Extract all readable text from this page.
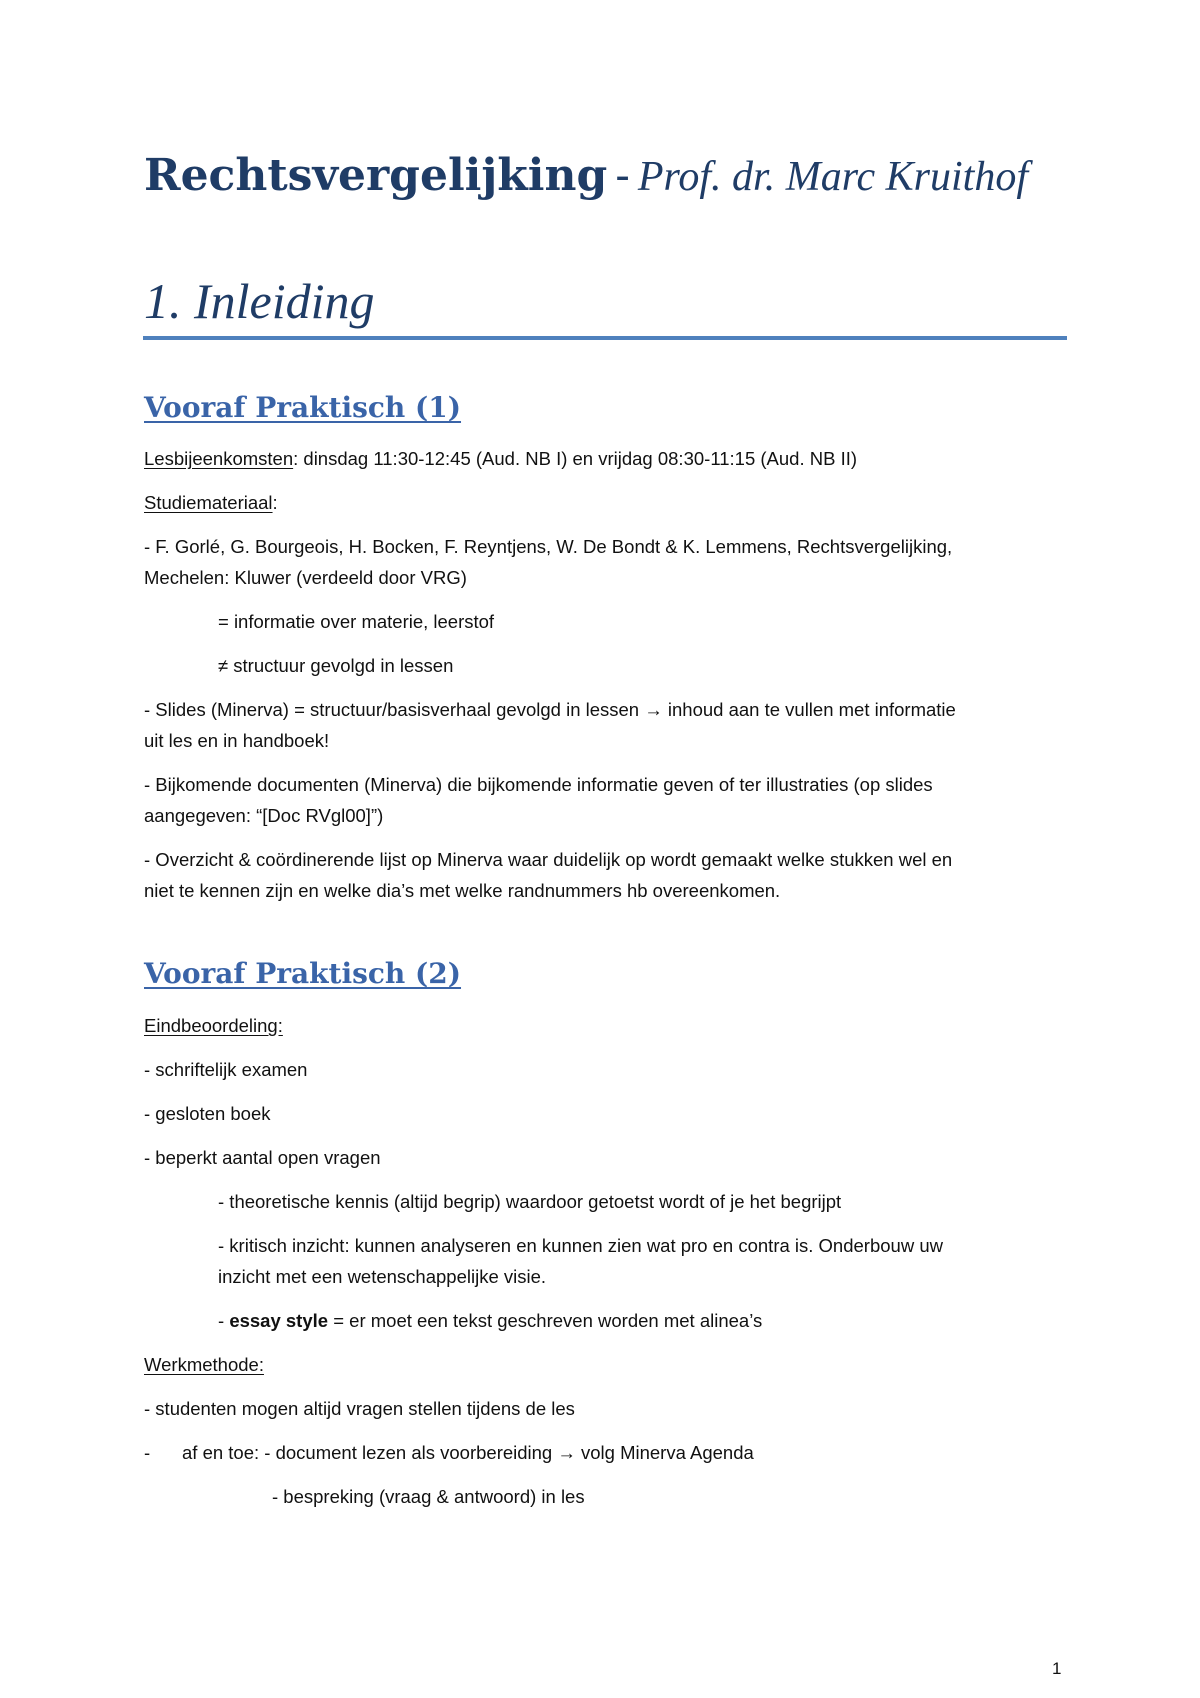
Rechtsvergelijking - Prof. dr. Marc Kruithof
1. Inleiding
Vooraf Praktisch (1)

Lesbijeenkomsten: dinsdag 11:30-12:45 (Aud. NB I) en vrijdag 08:30-11:15 (Aud. NB II)

Studiemateriaal:

- F. Gorlé, G. Bourgeois, H. Bocken, F. Reyntjens, W. De Bondt & K. Lemmens, Rechtsvergelijking,

Mechelen: Kluwer (verdeeld door VRG)

= informatie over materie, leerstof

≠ structuur gevolgd in lessen

- Slides (Minerva) = structuur/basisverhaal gevolgd in lessen → inhoud aan te vullen met informatie

uit les en in handboek!

- Bijkomende documenten (Minerva) die bijkomende informatie geven of ter illustraties (op slides

aangegeven: “[Doc RVgl00]”)

- Overzicht & coördinerende lijst op Minerva waar duidelijk op wordt gemaakt welke stukken wel en

niet te kennen zijn en welke dia’s met welke randnummers hb overeenkomen.

Vooraf Praktisch (2)

Eindbeoordeling:

- schriftelijk examen

- gesloten boek

- beperkt aantal open vragen

- theoretische kennis (altijd begrip) waardoor getoetst wordt of je het begrijpt

- kritisch inzicht: kunnen analyseren en kunnen zien wat pro en contra is. Onderbouw uw

inzicht met een wetenschappelijke visie.

- essay style = er moet een tekst geschreven worden met alinea’s

Werkmethode:

- studenten mogen altijd vragen stellen tijdens de les

- af en toe: - document lezen als voorbereiding → volg Minerva Agenda

- bespreking (vraag & antwoord) in les

1
